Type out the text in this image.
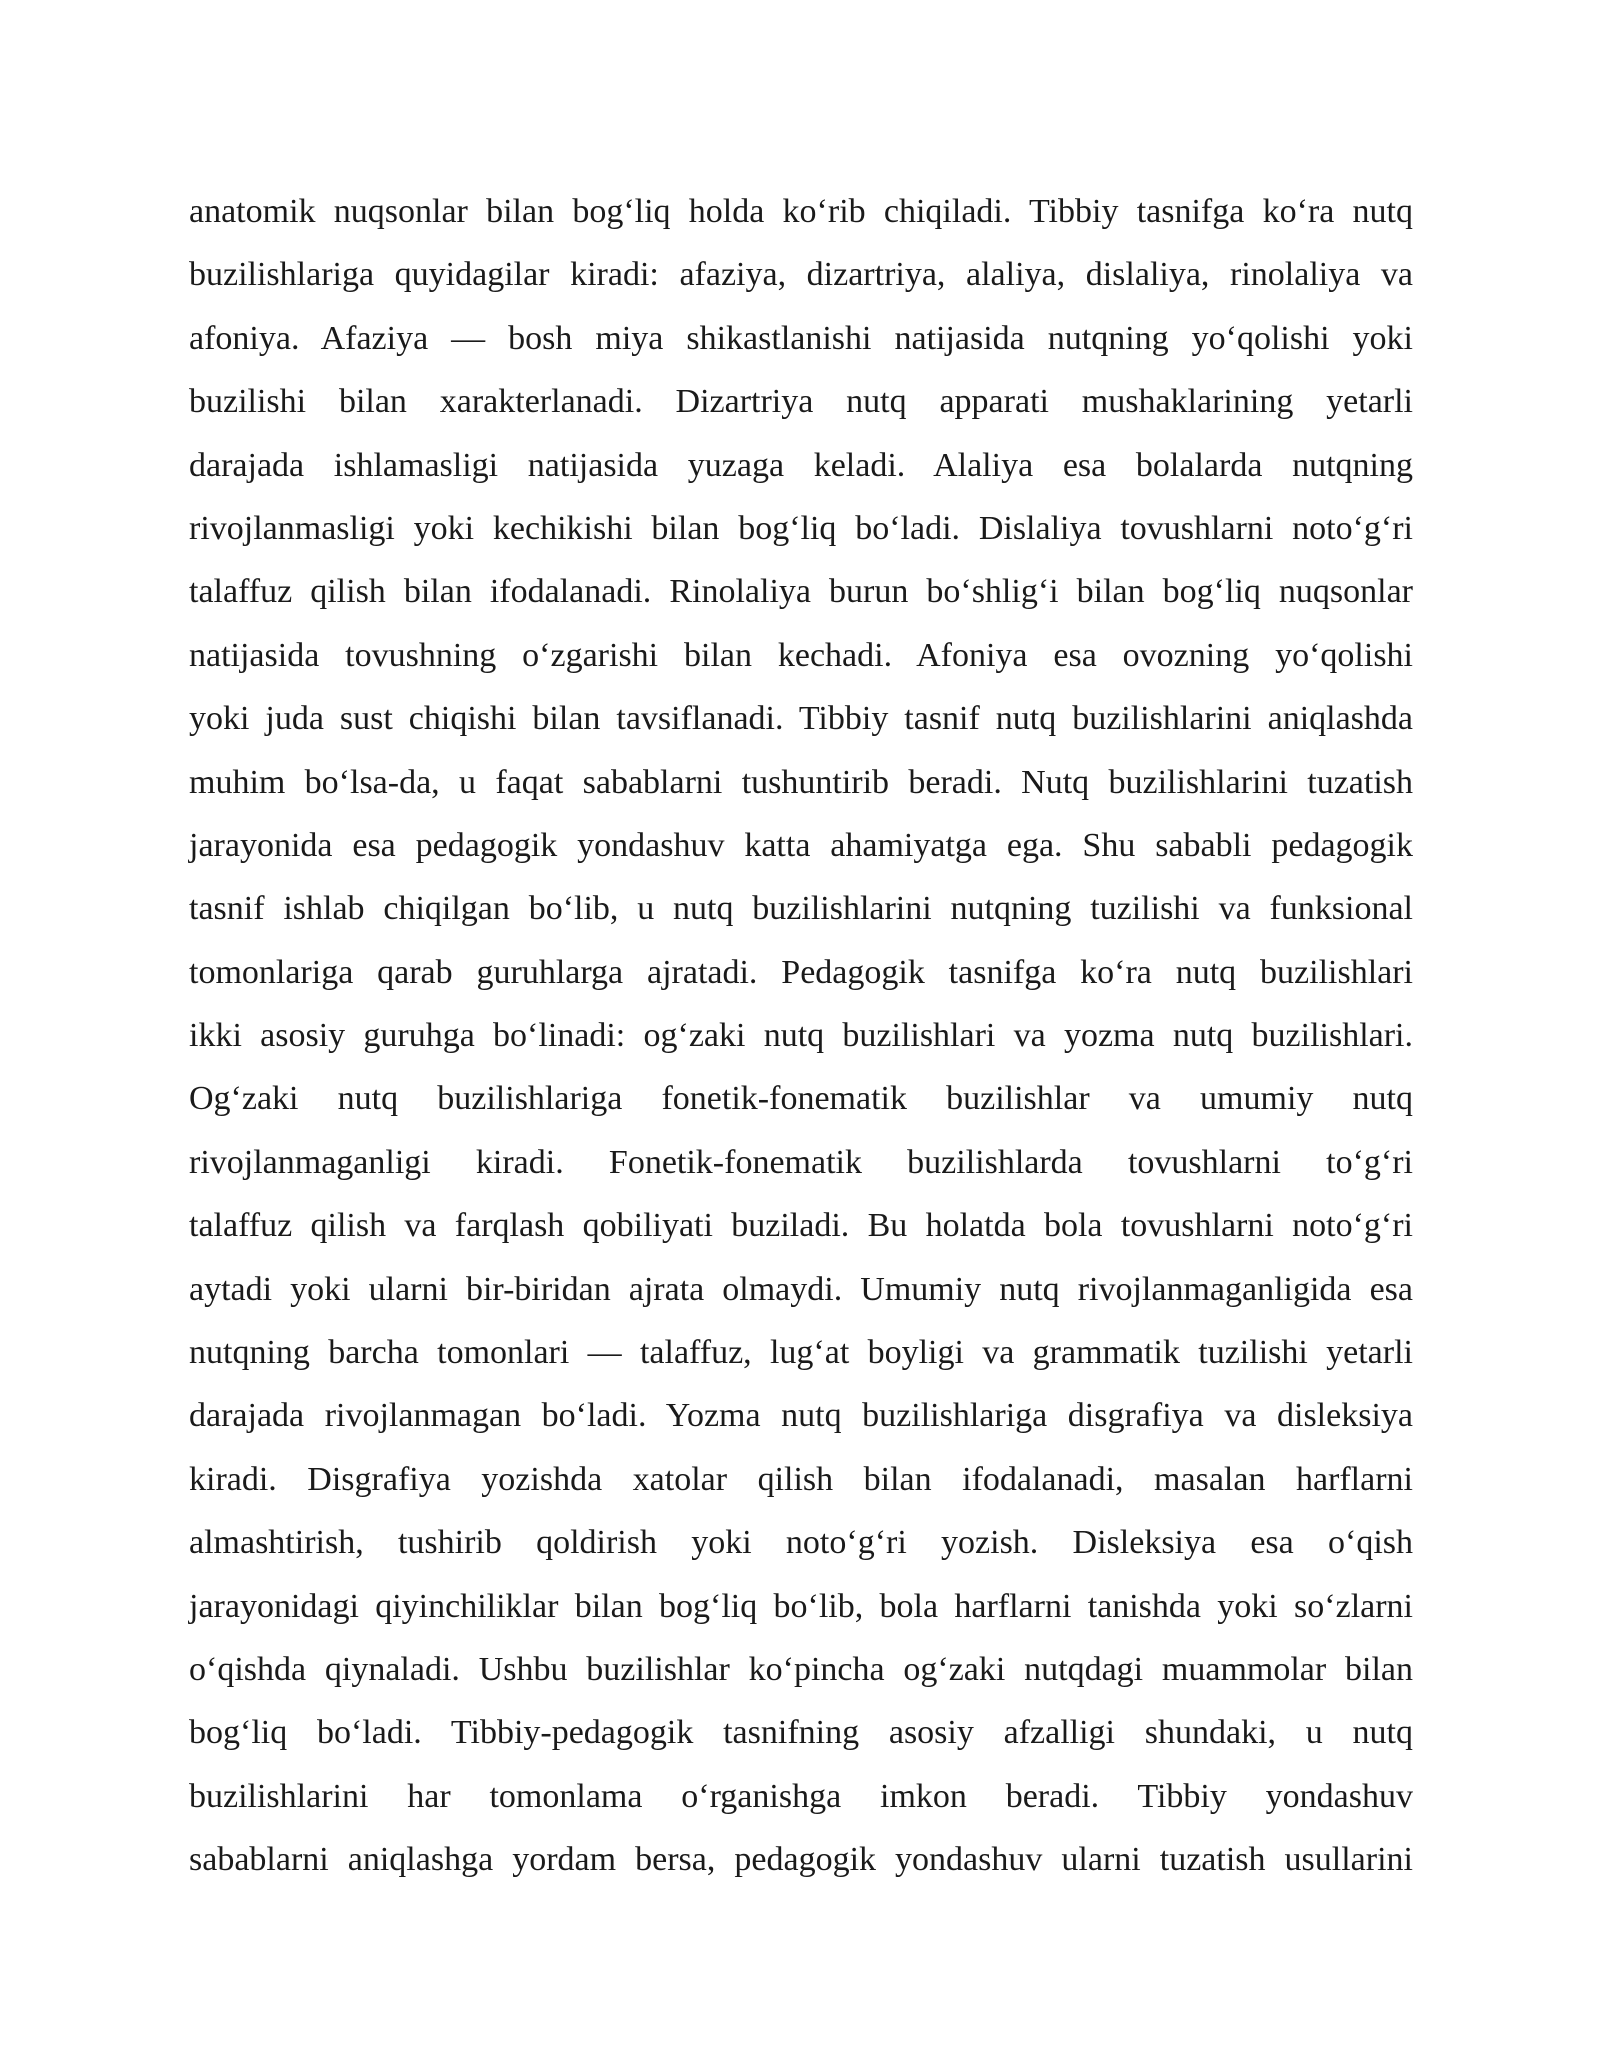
anatomik nuqsonlar bilan bog‘liq holda ko‘rib chiqiladi. Tibbiy tasnifga ko‘ra nutq
buzilishlariga quyidagilar kiradi: afaziya, dizartriya, alaliya, dislaliya, rinolaliya va
afoniya. Afaziya — bosh miya shikastlanishi natijasida nutqning yo‘qolishi yoki
buzilishi bilan xarakterlanadi. Dizartriya nutq apparati mushaklarining yetarli
darajada ishlamasligi natijasida yuzaga keladi. Alaliya esa bolalarda nutqning
rivojlanmasligi yoki kechikishi bilan bog‘liq bo‘ladi. Dislaliya tovushlarni noto‘g‘ri
talaffuz qilish bilan ifodalanadi. Rinolaliya burun bo‘shlig‘i bilan bog‘liq nuqsonlar
natijasida tovushning o‘zgarishi bilan kechadi. Afoniya esa ovozning yo‘qolishi
yoki juda sust chiqishi bilan tavsiflanadi. Tibbiy tasnif nutq buzilishlarini aniqlashda
muhim bo‘lsa-da, u faqat sabablarni tushuntirib beradi. Nutq buzilishlarini tuzatish
jarayonida esa pedagogik yondashuv katta ahamiyatga ega. Shu sababli pedagogik
tasnif ishlab chiqilgan bo‘lib, u nutq buzilishlarini nutqning tuzilishi va funksional
tomonlariga qarab guruhlarga ajratadi. Pedagogik tasnifga ko‘ra nutq buzilishlari
ikki asosiy guruhga bo‘linadi: og‘zaki nutq buzilishlari va yozma nutq buzilishlari.
Og‘zaki nutq buzilishlariga fonetik-fonematik buzilishlar va umumiy nutq
rivojlanmaganligi kiradi. Fonetik-fonematik buzilishlarda tovushlarni to‘g‘ri
talaffuz qilish va farqlash qobiliyati buziladi. Bu holatda bola tovushlarni noto‘g‘ri
aytadi yoki ularni bir-biridan ajrata olmaydi. Umumiy nutq rivojlanmaganligida esa
nutqning barcha tomonlari — talaffuz, lug‘at boyligi va grammatik tuzilishi yetarli
darajada rivojlanmagan bo‘ladi. Yozma nutq buzilishlariga disgrafiya va disleksiya
kiradi. Disgrafiya yozishda xatolar qilish bilan ifodalanadi, masalan harflarni
almashtirish, tushirib qoldirish yoki noto‘g‘ri yozish. Disleksiya esa o‘qish
jarayonidagi qiyinchiliklar bilan bog‘liq bo‘lib, bola harflarni tanishda yoki so‘zlarni
o‘qishda qiynaladi. Ushbu buzilishlar ko‘pincha og‘zaki nutqdagi muammolar bilan
bog‘liq bo‘ladi. Tibbiy-pedagogik tasnifning asosiy afzalligi shundaki, u nutq
buzilishlarini har tomonlama o‘rganishga imkon beradi. Tibbiy yondashuv
sabablarni aniqlashga yordam bersa, pedagogik yondashuv ularni tuzatish usullarini
